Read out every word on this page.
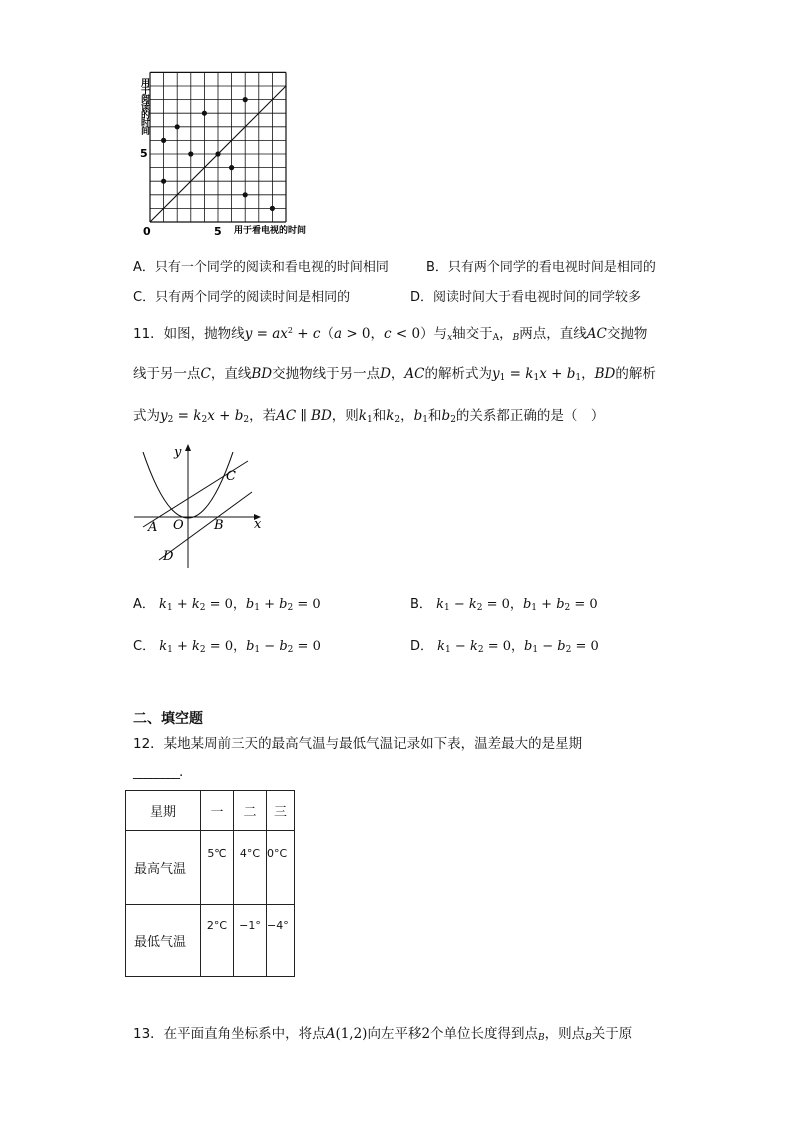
用于阅读的时间
5
0	5 用于看电视的时间
A．只有一个同学的阅读和看电视的时间相同	B．只有两个同学的看电视时间是相同的
C．只有两个同学的阅读时间是相同的	D．阅读时间大于看电视时间的同学较多
11．如图，抛物线$y = ax^2 + c(a > 0$，c < 0）与x轴交于A，B两点，直线AC交抛物
线于另一点C，直线BD交抛物线于另一点D，AC的解析式为y1 = k1x + b1，BD的解析
式为y2 = k2x + b2，若AC ∥ BD，则k1和k2，b1和b2的关系都正确的是（　）
y
x
A O B
C
D
A． k1 + k2 = 0，b1 + b2 = 0	B． k1 − k2 = 0，b1 + b2 = 0
C． k1 + k2 = 0，b1 − b2 = 0	D． k1 − k2 = 0，b1 − b2 = 0
二、填空题
12．某地某周前三天的最高气温与最低气温记录如下表，温差最大的是星期
________.
星期	一	二	三
最高气温	5℃	4°C	0°C
最低气温	2°C	−1°	−4°
13．在平面直角坐标系中，将点A(1,2)向左平移2个单位长度得到点B，则点B关于原
